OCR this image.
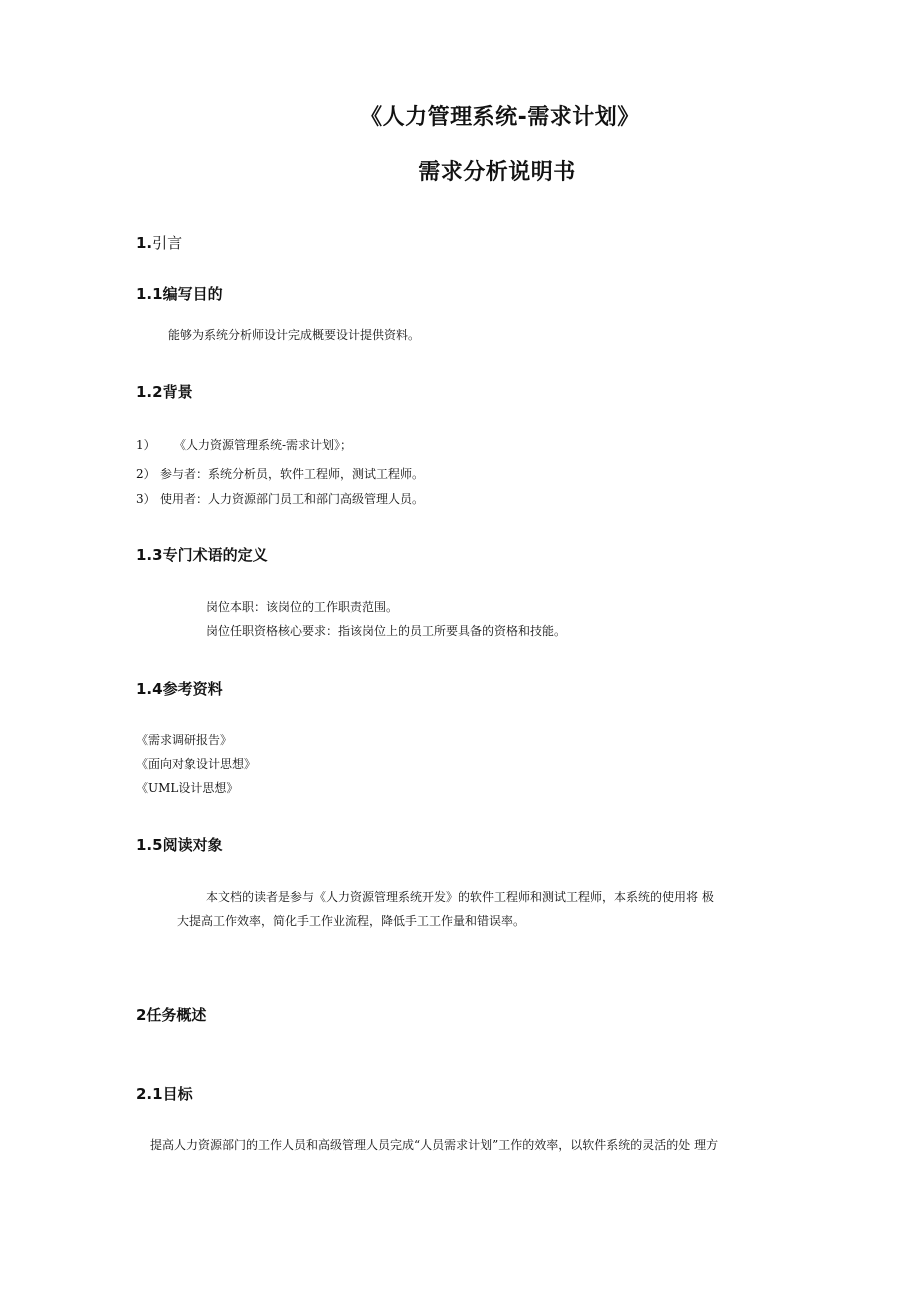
《人力管理系统-需求计划》
需求分析说明书
1.引言
1.1编写目的
能够为系统分析师设计完成概要设计提供资料。
1.2背景
1） 《人力资源管理系统-需求计划》；
2） 参与者：系统分析员，软件工程师，测试工程师。
3） 使用者：人力资源部门员工和部门高级管理人员。
1.3专门术语的定义
岗位本职：该岗位的工作职责范围。
岗位任职资格核心要求：指该岗位上的员工所要具备的资格和技能。
1.4参考资料
《需求调研报告》
《面向对象设计思想》
《UML设计思想》
1.5阅读对象
本文档的读者是参与《人力资源管理系统开发》的软件工程师和测试工程师，本系统的使用将 极
大提高工作效率，简化手工作业流程，降低手工工作量和错误率。
2任务概述
2.1目标
提高人力资源部门的工作人员和高级管理人员完成“人员需求计划”工作的效率，以软件系统的灵活的处 理方
